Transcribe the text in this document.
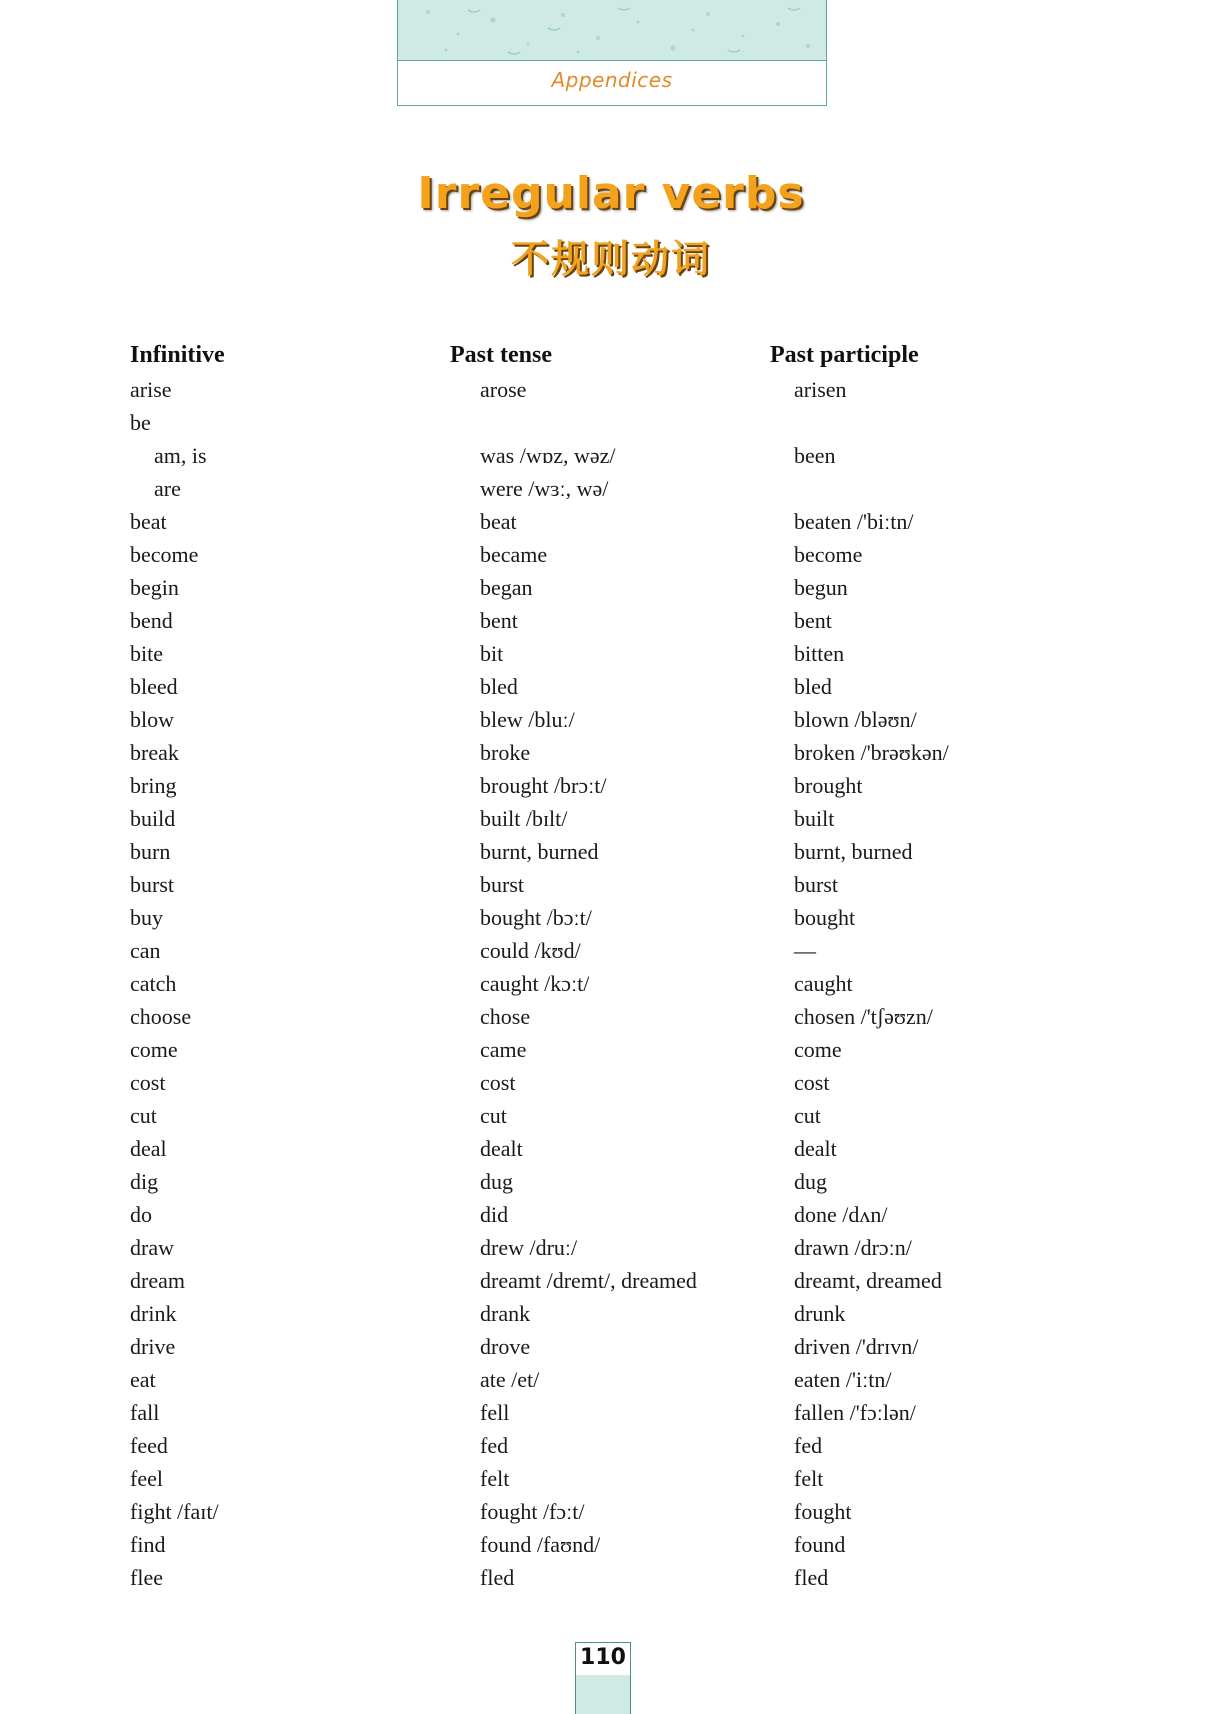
Appendices
Irregular verbs
不规则动词
Infinitive	Past tense	Past participle
arise	arose	arisen
be		
am, is	was /wɒz, wəz/	been
are	were /wɜː, wə/	
beat	beat	beaten /'biːtn/
become	became	become
begin	began	begun
bend	bent	bent
bite	bit	bitten
bleed	bled	bled
blow	blew /bluː/	blown /bləʊn/
break	broke	broken /'brəʊkən/
bring	brought /brɔːt/	brought
build	built /bɪlt/	built
burn	burnt, burned	burnt, burned
burst	burst	burst
buy	bought /bɔːt/	bought
can	could /kʊd/	—
catch	caught /kɔːt/	caught
choose	chose	chosen /'tʃəʊzn/
come	came	come
cost	cost	cost
cut	cut	cut
deal	dealt	dealt
dig	dug	dug
do	did	done /dʌn/
draw	drew /druː/	drawn /drɔːn/
dream	dreamt /dremt/, dreamed	dreamt, dreamed
drink	drank	drunk
drive	drove	driven /'drɪvn/
eat	ate /et/	eaten /'iːtn/
fall	fell	fallen /'fɔːlən/
feed	fed	fed
feel	felt	felt
fight /faɪt/	fought /fɔːt/	fought
find	found /faʊnd/	found
flee	fled	fled
110
